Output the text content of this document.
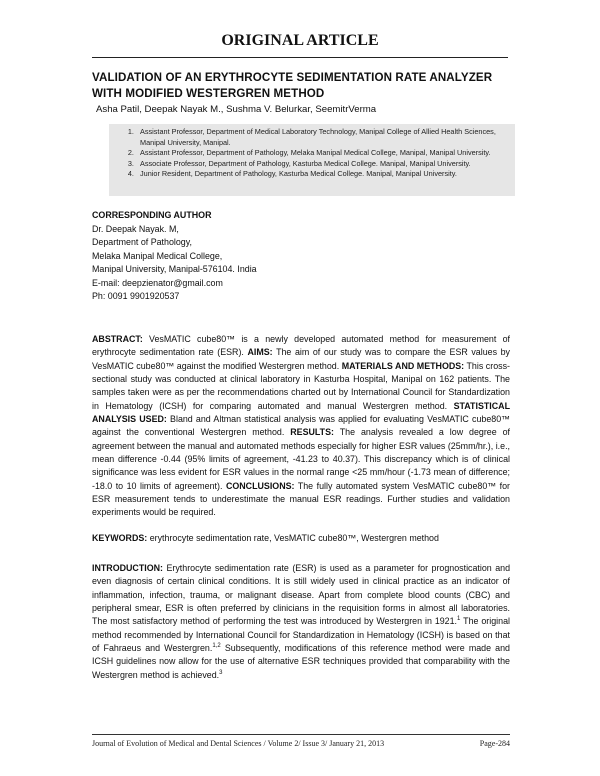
ORIGINAL ARTICLE
VALIDATION OF AN ERYTHROCYTE SEDIMENTATION RATE ANALYZER WITH MODIFIED WESTERGREN METHOD
Asha Patil, Deepak Nayak M., Sushma V. Belurkar, SeemitrVerma
1. Assistant Professor, Department of Medical Laboratory Technology, Manipal College of Allied Health Sciences, Manipal University, Manipal.
2. Assistant Professor, Department of Pathology, Melaka Manipal Medical College, Manipal, Manipal University.
3. Associate Professor, Department of Pathology, Kasturba Medical College. Manipal, Manipal University.
4. Junior Resident, Department of Pathology, Kasturba Medical College. Manipal, Manipal University.
CORRESPONDING AUTHOR
Dr. Deepak Nayak. M,
Department of Pathology,
Melaka Manipal Medical College,
Manipal University, Manipal-576104. India
E-mail: deepzienator@gmail.com
Ph: 0091 9901920537
ABSTRACT: VesMATIC cube80™ is a newly developed automated method for measurement of erythrocyte sedimentation rate (ESR). AIMS: The aim of our study was to compare the ESR values by VesMATIC cube80™ against the modified Westergren method. MATERIALS AND METHODS: This cross-sectional study was conducted at clinical laboratory in Kasturba Hospital, Manipal on 162 patients. The samples taken were as per the recommendations charted out by International Council for Standardization in Hematology (ICSH) for comparing automated and manual Westergren method. STATISTICAL ANALYSIS USED: Bland and Altman statistical analysis was applied for evaluating VesMATIC cube80™ against the conventional Westergren method. RESULTS: The analysis revealed a low degree of agreement between the manual and automated methods especially for higher ESR values (25mm/hr.), i.e., mean difference -0.44 (95% limits of agreement, -41.23 to 40.37). This discrepancy which is of clinical significance was less evident for ESR values in the normal range <25 mm/hour (-1.73 mean of difference; -18.0 to 10 limits of agreement). CONCLUSIONS: The fully automated system VesMATIC cube80™ for ESR measurement tends to underestimate the manual ESR readings. Further studies and validation experiments would be required.
KEYWORDS: erythrocyte sedimentation rate, VesMATIC cube80™, Westergren method
INTRODUCTION: Erythrocyte sedimentation rate (ESR) is used as a parameter for prognostication and even diagnosis of certain clinical conditions. It is still widely used in clinical practice as an indicator of inflammation, infection, trauma, or malignant disease. Apart from complete blood counts (CBC) and peripheral smear, ESR is often preferred by clinicians in the requisition forms in almost all laboratories. The most satisfactory method of performing the test was introduced by Westergren in 1921.$^1$ The original method recommended by International Council for Standardization in Hematology (ICSH) is based on that of Fahraeus and Westergren.$^{1,2}$ Subsequently, modifications of this reference method were made and ICSH guidelines now allow for the use of alternative ESR techniques provided that comparability with the Westergren method is achieved.$^3$
Journal of Evolution of Medical and Dental Sciences / Volume 2/ Issue 3/ January 21, 2013	Page-284
